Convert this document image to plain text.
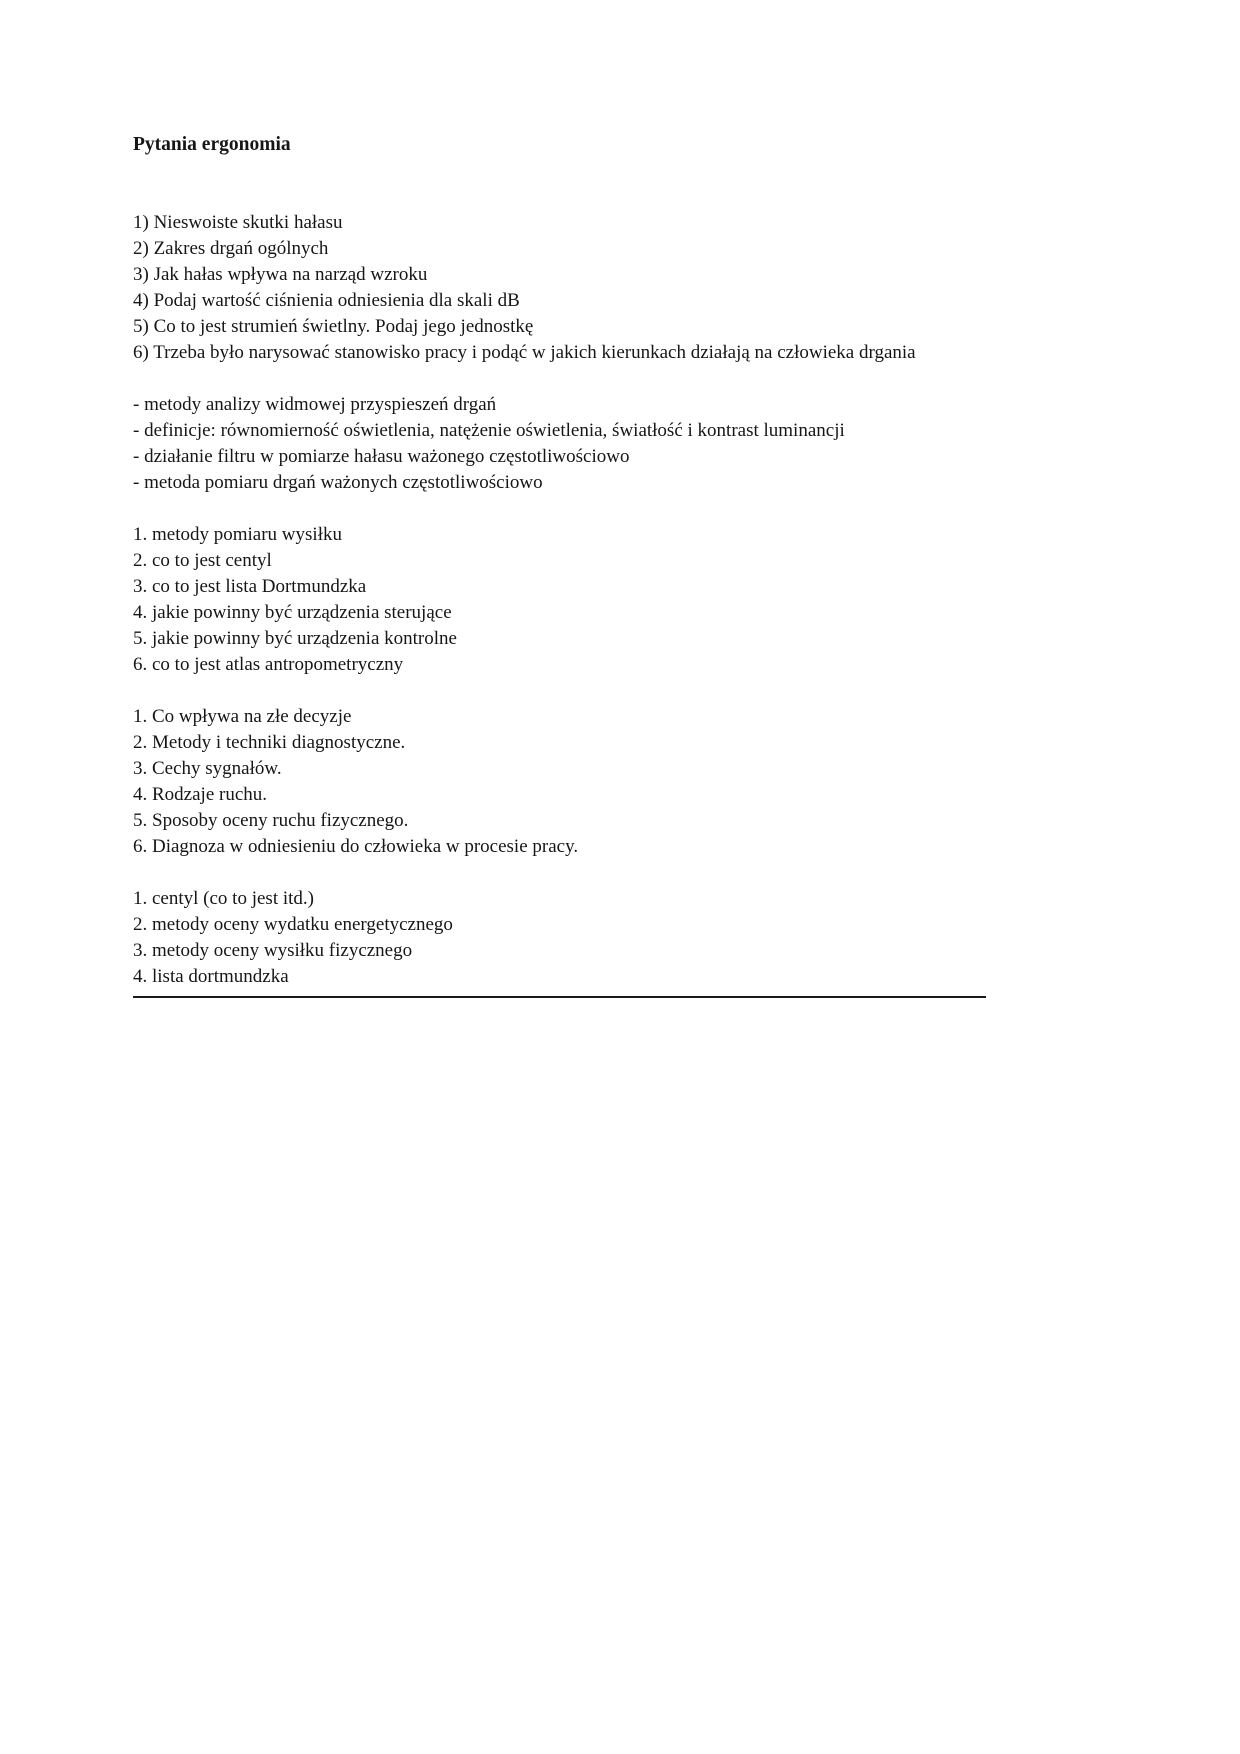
Pytania ergonomia

1) Nieswoiste skutki hałasu

2) Zakres drgań ogólnych

3) Jak hałas wpływa na narząd wzroku

4) Podaj wartość ciśnienia odniesienia dla skali dB

5) Co to jest strumień świetlny. Podaj jego jednostkę

6) Trzeba było narysować stanowisko pracy i podąć w jakich kierunkach działają na człowieka drgania

- metody analizy widmowej przyspieszeń drgań

- definicje: równomierność oświetlenia, natężenie oświetlenia, światłość i kontrast luminancji

- działanie filtru w pomiarze hałasu ważonego częstotliwościowo

- metoda pomiaru drgań ważonych częstotliwościowo

1. metody pomiaru wysiłku

2. co to jest centyl

3. co to jest lista Dortmundzka

4. jakie powinny być urządzenia sterujące

5. jakie powinny być urządzenia kontrolne

6. co to jest atlas antropometryczny

1. Co wpływa na złe decyzje

2. Metody i techniki diagnostyczne.

3. Cechy sygnałów.

4. Rodzaje ruchu.

5. Sposoby oceny ruchu fizycznego.

6. Diagnoza w odniesieniu do człowieka w procesie pracy.

1. centyl (co to jest itd.)

2. metody oceny wydatku energetycznego

3. metody oceny wysiłku fizycznego

4. lista dortmundzka
